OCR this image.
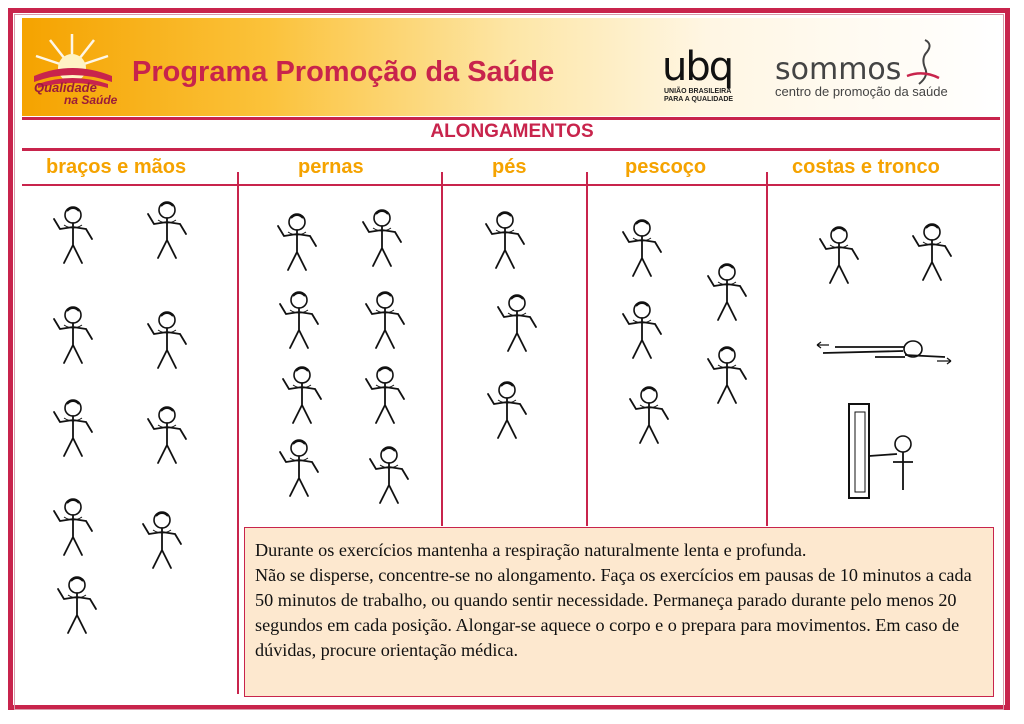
Qualidade
na Saúde
Programa Promoção da Saúde	ubq
UNIÃO BRASILEIRA
PARA A QUALIDADE
sommos
centro de promoção da saúde
ALONGAMENTOS
braços e mãos	pernas	pés	pescoço	costas e tronco

Durante os exercícios mantenha a respiração naturalmente lenta e profunda.

Não se disperse, concentre-se no alongamento. Faça os exercícios em pausas de 10 minutos a cada 50 minutos de trabalho, ou quando sentir necessidade. Permaneça parado durante pelo menos 20 segundos em cada posição. Alongar-se aquece o corpo e o prepara para movimentos. Em caso de dúvidas, procure orientação médica.
